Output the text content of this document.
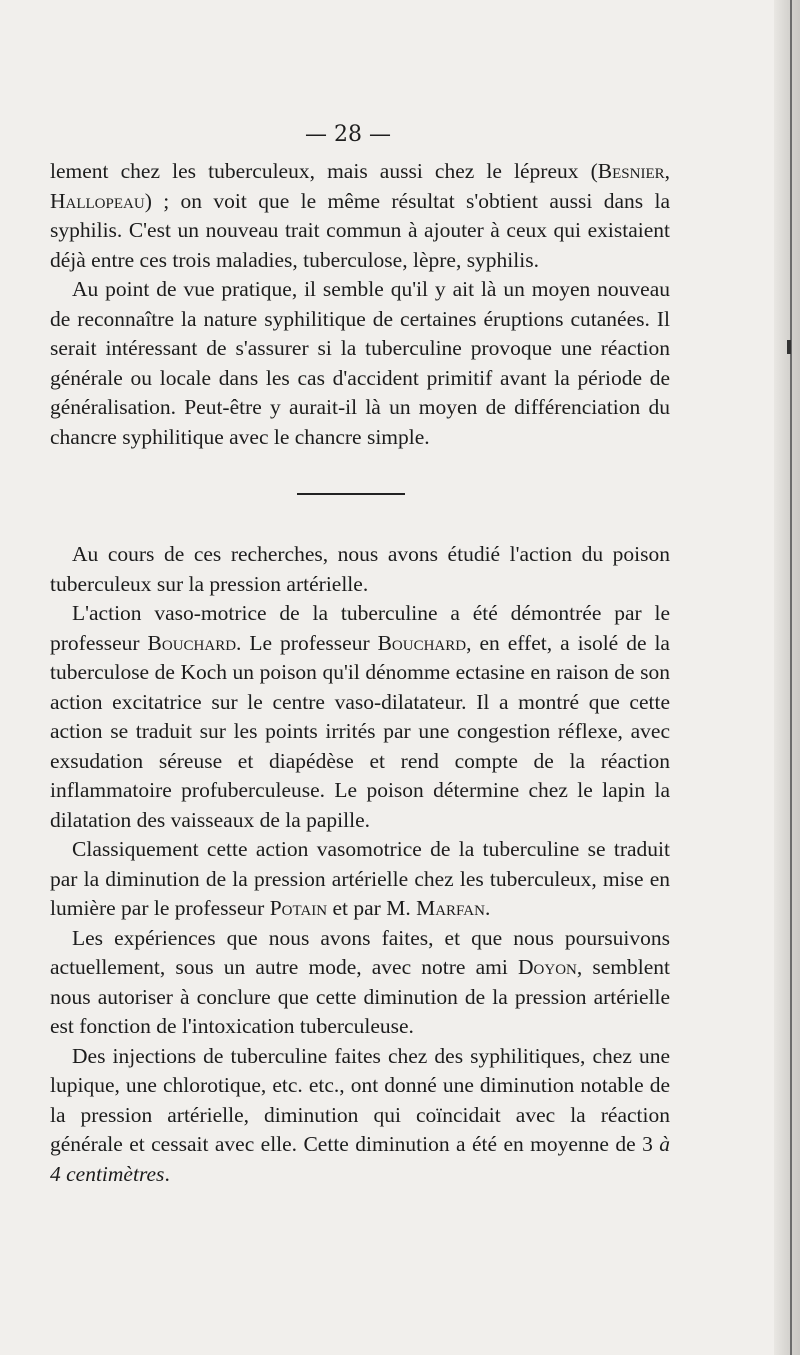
— 28 —

lement chez les tuberculeux, mais aussi chez le lépreux (Besnier, Hallopeau) ; on voit que le même résultat s'obtient aussi dans la syphilis. C'est un nouveau trait commun à ajouter à ceux qui existaient déjà entre ces trois maladies, tuberculose, lèpre, syphilis.

Au point de vue pratique, il semble qu'il y ait là un moyen nouveau de reconnaître la nature syphilitique de certaines éruptions cutanées. Il serait intéressant de s'assurer si la tuberculine provoque une réaction générale ou locale dans les cas d'accident primitif avant la période de généralisation. Peut-être y aurait-il là un moyen de différenciation du chancre syphilitique avec le chancre simple.

Au cours de ces recherches, nous avons étudié l'action du poison tuberculeux sur la pression artérielle.

L'action vaso-motrice de la tuberculine a été démontrée par le professeur Bouchard. Le professeur Bouchard, en effet, a isolé de la tuberculose de Koch un poison qu'il dénomme ectasine en raison de son action excitatrice sur le centre vaso-dilatateur. Il a montré que cette action se traduit sur les points irrités par une congestion réflexe, avec exsudation séreuse et diapédèse et rend compte de la réaction inflammatoire profuberculeuse. Le poison détermine chez le lapin la dilatation des vaisseaux de la papille.

Classiquement cette action vasomotrice de la tuberculine se traduit par la diminution de la pression artérielle chez les tuberculeux, mise en lumière par le professeur Potain et par M. Marfan.

Les expériences que nous avons faites, et que nous poursuivons actuellement, sous un autre mode, avec notre ami Doyon, semblent nous autoriser à conclure que cette diminution de la pression artérielle est fonction de l'intoxication tuberculeuse.

Des injections de tuberculine faites chez des syphilitiques, chez une lupique, une chlorotique, etc. etc., ont donné une diminution notable de la pression artérielle, diminution qui coïncidait avec la réaction générale et cessait avec elle. Cette diminution a été en moyenne de 3 à 4 centimètres.
